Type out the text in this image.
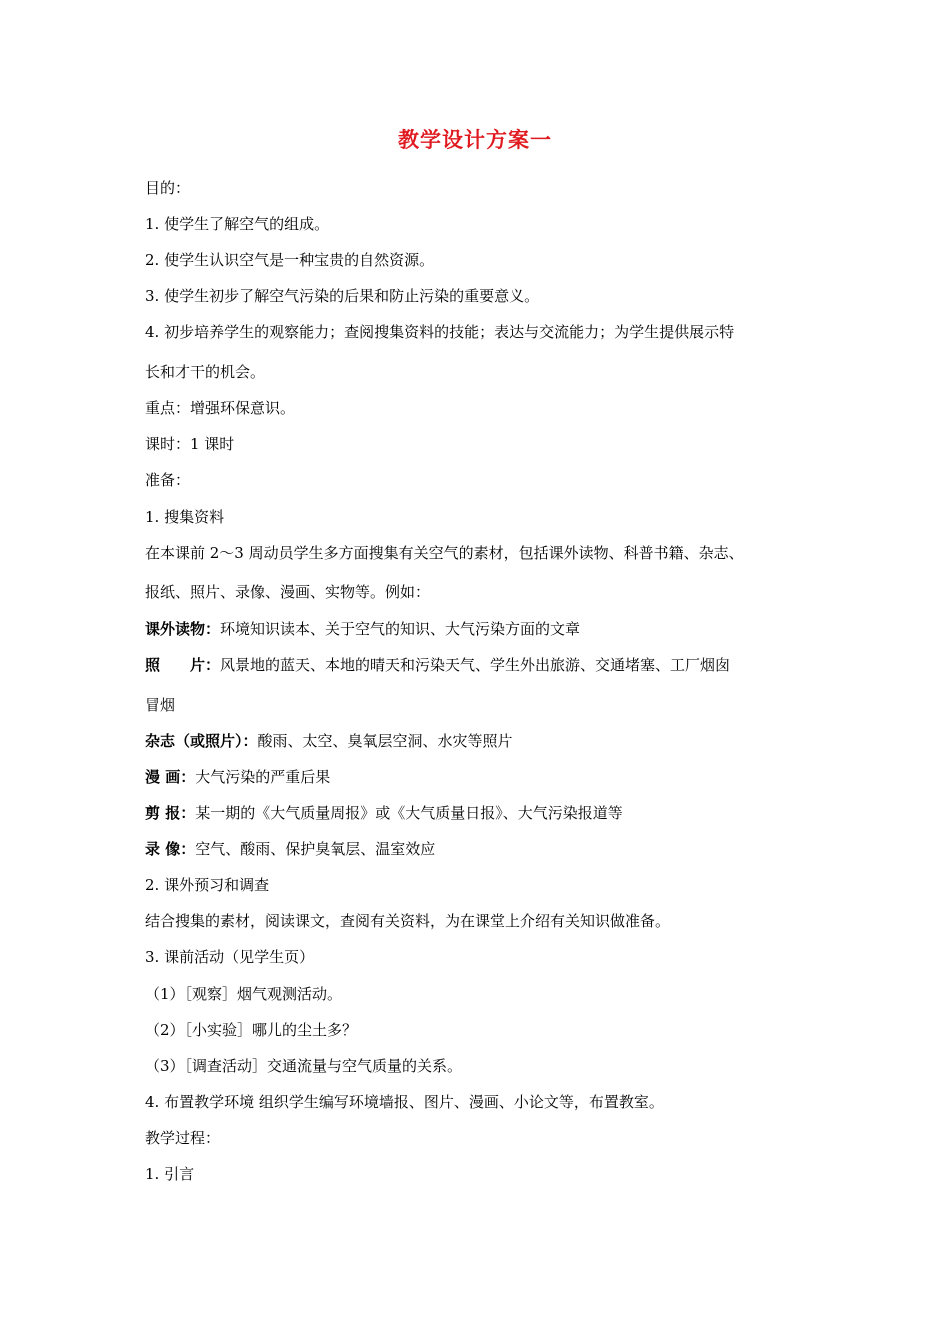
教学设计方案一
目的：
1. 使学生了解空气的组成。
2. 使学生认识空气是一种宝贵的自然资源。
3. 使学生初步了解空气污染的后果和防止污染的重要意义。
4. 初步培养学生的观察能力；查阅搜集资料的技能；表达与交流能力；为学生提供展示特
长和才干的机会。
重点：增强环保意识。
课时：1 课时
准备：
1. 搜集资料
在本课前 2～3 周动员学生多方面搜集有关空气的素材，包括课外读物、科普书籍、杂志、
报纸、照片、录像、漫画、实物等。例如：
课外读物：环境知识读本、关于空气的知识、大气污染方面的文章
照　　片：风景地的蓝天、本地的晴天和污染天气、学生外出旅游、交通堵塞、工厂烟囱
冒烟
杂志（或照片）：酸雨、太空、臭氧层空洞、水灾等照片
漫 画：大气污染的严重后果
剪 报：某一期的《大气质量周报》或《大气质量日报》、大气污染报道等
录 像：空气、酸雨、保护臭氧层、温室效应
2. 课外预习和调查
结合搜集的素材，阅读课文，查阅有关资料，为在课堂上介绍有关知识做准备。
3. 课前活动（见学生页）
（1）［观察］烟气观测活动。
（2）［小实验］哪儿的尘土多？
（3）［调查活动］交通流量与空气质量的关系。
4. 布置教学环境 组织学生编写环境墙报、图片、漫画、小论文等，布置教室。
教学过程：
1. 引言
